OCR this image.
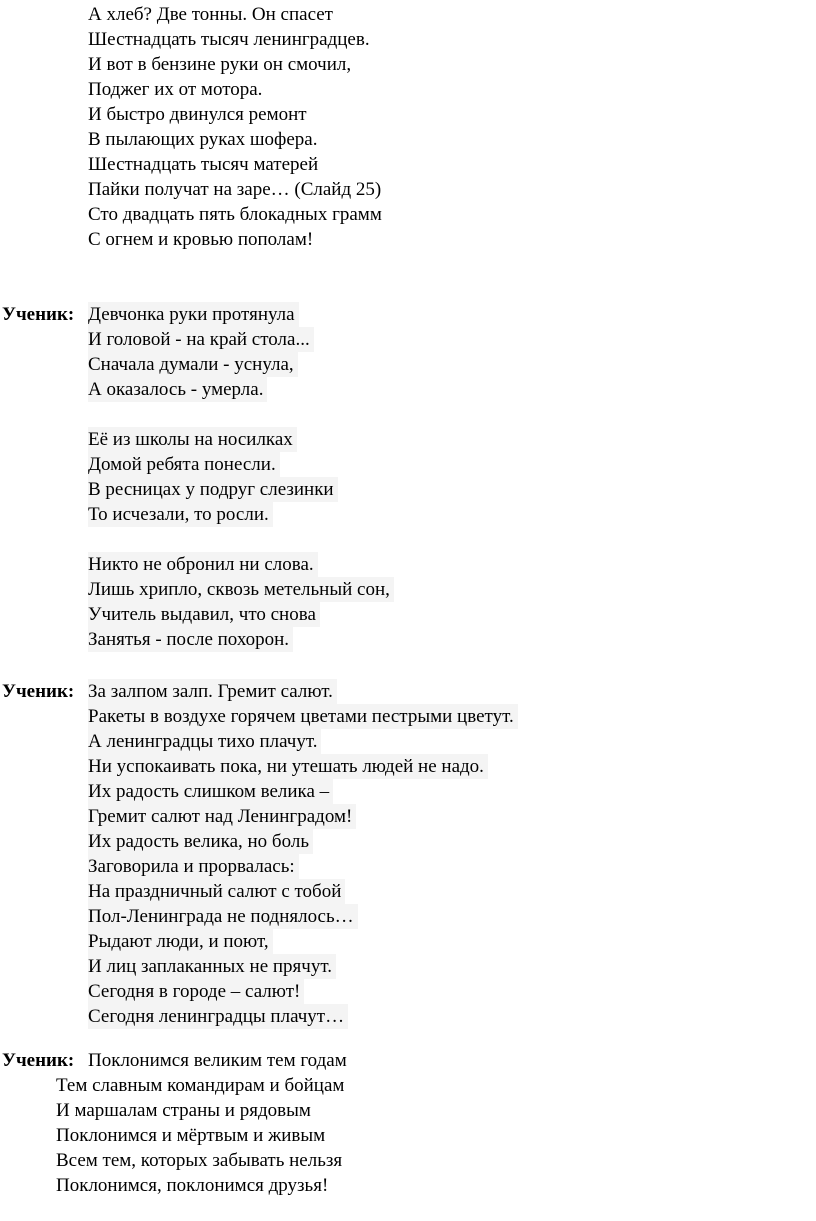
А хлеб? Две тонны. Он спасет
Шестнадцать тысяч ленинградцев.
И вот в бензине руки он смочил,
Поджег их от мотора.
И быстро двинулся ремонт
В пылающих руках шофера.
Шестнадцать тысяч матерей
Пайки получат на заре… (Слайд 25)
Сто двадцать пять блокадных грамм
С огнем и кровью пополам!
Ученик: Девчонка руки протянула
И головой - на край стола...
Сначала думали - уснула,
А оказалось - умерла.
Её из школы на носилках
Домой ребята понесли.
В ресницах у подруг слезинки
То исчезали, то росли.
Никто не обронил ни слова.
Лишь хрипло, сквозь метельный сон,
Учитель выдавил, что снова
Занятья - после похорон.
Ученик: За залпом залп. Гремит салют.
Ракеты в воздухе горячем цветами пестрыми цветут.
А ленинградцы тихо плачут.
Ни успокаивать пока, ни утешать людей не надо.
Их радость слишком велика –
Гремит салют над Ленинградом!
Их радость велика, но боль
Заговорила и прорвалась:
На праздничный салют с тобой
Пол-Ленинграда не поднялось…
Рыдают люди, и поют,
И лиц заплаканных не прячут.
Сегодня в городе – салют!
Сегодня ленинградцы плачут…
Ученик: Поклонимся великим тем годам
Тем славным командирам и бойцам
И маршалам страны и рядовым
Поклонимся и мёртвым и живым
Всем тем, которых забывать нельзя
Поклонимся, поклонимся друзья!
